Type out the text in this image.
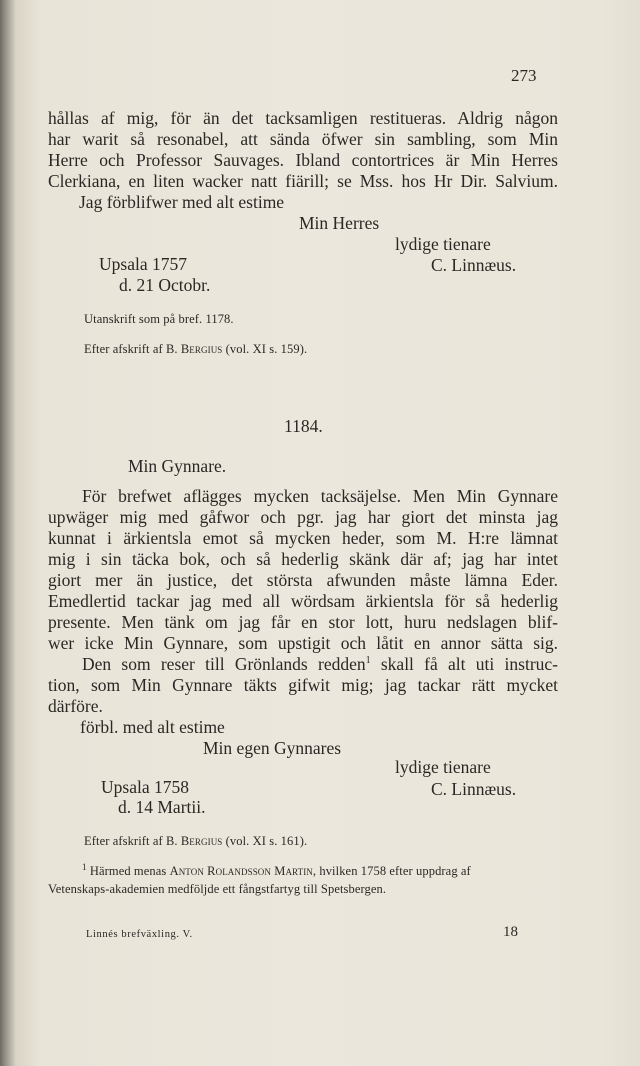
273
hållas af mig, för än det tacksamligen restitueras. Aldrig någon
har warit så resonabel, att sända öfwer sin sambling, som Min
Herre och Professor Sauvages. Ibland contortrices är Min Herres
Clerkiana, en liten wacker natt fiärill; se Mss. hos Hr Dir. Salvium.
Jag förblifwer med alt estime
Min Herres
lydige tienare
Upsala 1757	C. Linnæus.
d. 21 Octobr.
Utanskrift som på bref. 1178.
Efter afskrift af B. Bergius (vol. XI s. 159).
1184.
Min Gynnare.
För brefwet aflägges mycken tacksäjelse. Men Min Gynnare
upwäger mig med gåfwor och pgr. jag har giort det minsta jag
kunnat i ärkientsla emot så mycken heder, som M. H:re lämnat
mig i sin täcka bok, och så hederlig skänk där af; jag har intet
giort mer än justice, det största afwunden måste lämna Eder.
Emedlertid tackar jag med all wördsam ärkientsla för så hederlig
presente. Men tänk om jag får en stor lott, huru nedslagen blif-
wer icke Min Gynnare, som upstigit och låtit en annor sätta sig.
Den som reser till Grönlands redden$^1$ skall få alt uti instruc-
tion, som Min Gynnare täkts gifwit mig; jag tackar rätt mycket
därföre.
förbl. med alt estime
Min egen Gynnares
lydige tienare
Upsala 1758	C. Linnæus.
d. 14 Martii.
Efter afskrift af B. Bergius (vol. XI s. 161).
$^1$ Härmed menas Anton Rolandsson Martin, hvilken 1758 efter uppdrag af
Vetenskaps-akademien medföljde ett fångstfartyg till Spetsbergen.
Linnés brefväxling. V.	18
